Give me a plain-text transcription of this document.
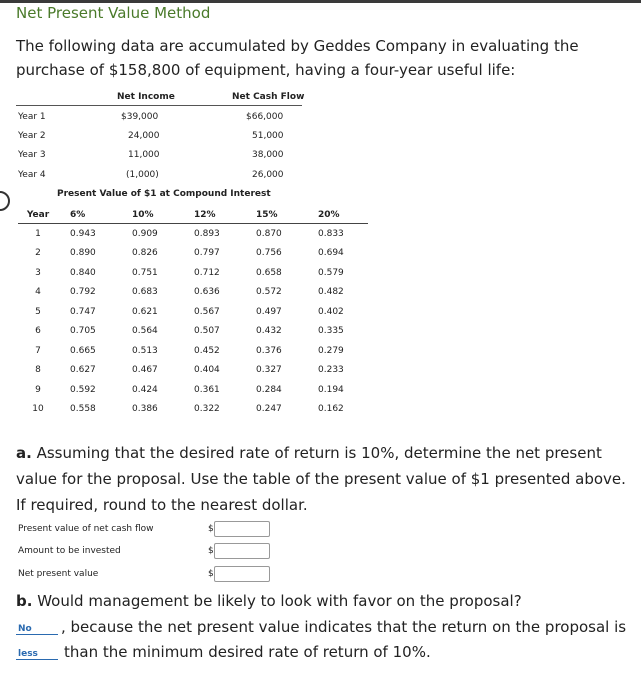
Net Present Value Method
The following data are accumulated by Geddes Company in evaluating the purchase of $158,800 of equipment, having a four-year useful life:
Net Income	Net Cash Flow
Year 1	$39,000	$66,000
Year 2	24,000	51,000
Year 3	11,000	38,000
Year 4	(1,000)	26,000
Present Value of $1 at Compound Interest
Year	6%	10%	12%	15%	20%
1	0.943	0.909	0.893	0.870	0.833
2	0.890	0.826	0.797	0.756	0.694
3	0.840	0.751	0.712	0.658	0.579
4	0.792	0.683	0.636	0.572	0.482
5	0.747	0.621	0.567	0.497	0.402
6	0.705	0.564	0.507	0.432	0.335
7	0.665	0.513	0.452	0.376	0.279
8	0.627	0.467	0.404	0.327	0.233
9	0.592	0.424	0.361	0.284	0.194
10	0.558	0.386	0.322	0.247	0.162
a. Assuming that the desired rate of return is 10%, determine the net present value for the proposal. Use the table of the present value of $1 presented above. If required, round to the nearest dollar.
Present value of net cash flow	$
Amount to be invested	$
Net present value	$
b. Would management be likely to look with favor on the proposal?
No	, because the net present value indicates that the return on the proposal is
less	than the minimum desired rate of return of 10%.
